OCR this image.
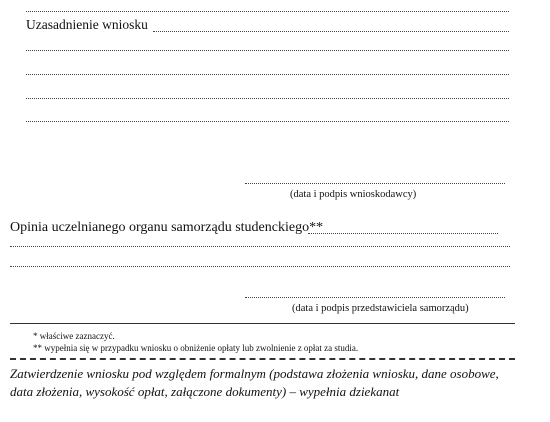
Uzasadnienie wniosku
(data i podpis wnioskodawcy)
Opinia uczelnianego organu samorządu studenckiego**
(data i podpis przedstawiciela samorządu)
* właściwe zaznaczyć.
** wypełnia się w przypadku wniosku o obniżenie opłaty lub zwolnienie z opłat za studia.
Zatwierdzenie wniosku pod względem formalnym (podstawa złożenia wniosku, dane osobowe, data złożenia, wysokość opłat, załączone dokumenty) – wypełnia dziekanat
